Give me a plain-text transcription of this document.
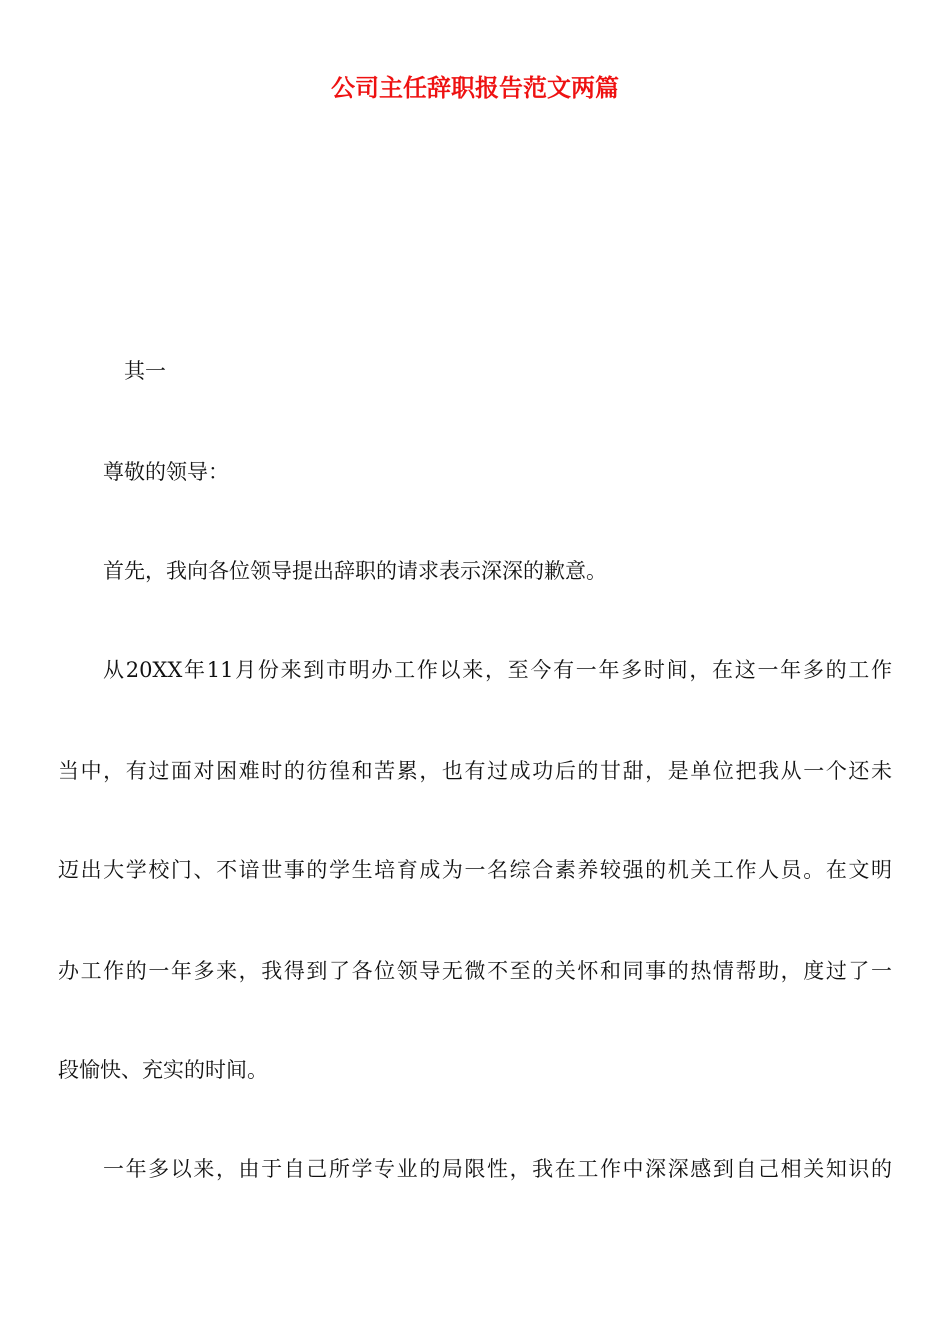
公司主任辞职报告范文两篇

其一

尊敬的领导：

首先，我向各位领导提出辞职的请求表示深深的歉意。

从20XX年11月份来到市明办工作以来，至今有一年多时间，在这一年多的工作

当中，有过面对困难时的彷徨和苦累，也有过成功后的甘甜，是单位把我从一个还未

迈出大学校门、不谙世事的学生培育成为一名综合素养较强的机关工作人员。在文明

办工作的一年多来，我得到了各位领导无微不至的关怀和同事的热情帮助，度过了一

段愉快、充实的时间。

一年多以来，由于自己所学专业的局限性，我在工作中深深感到自己相关知识的
